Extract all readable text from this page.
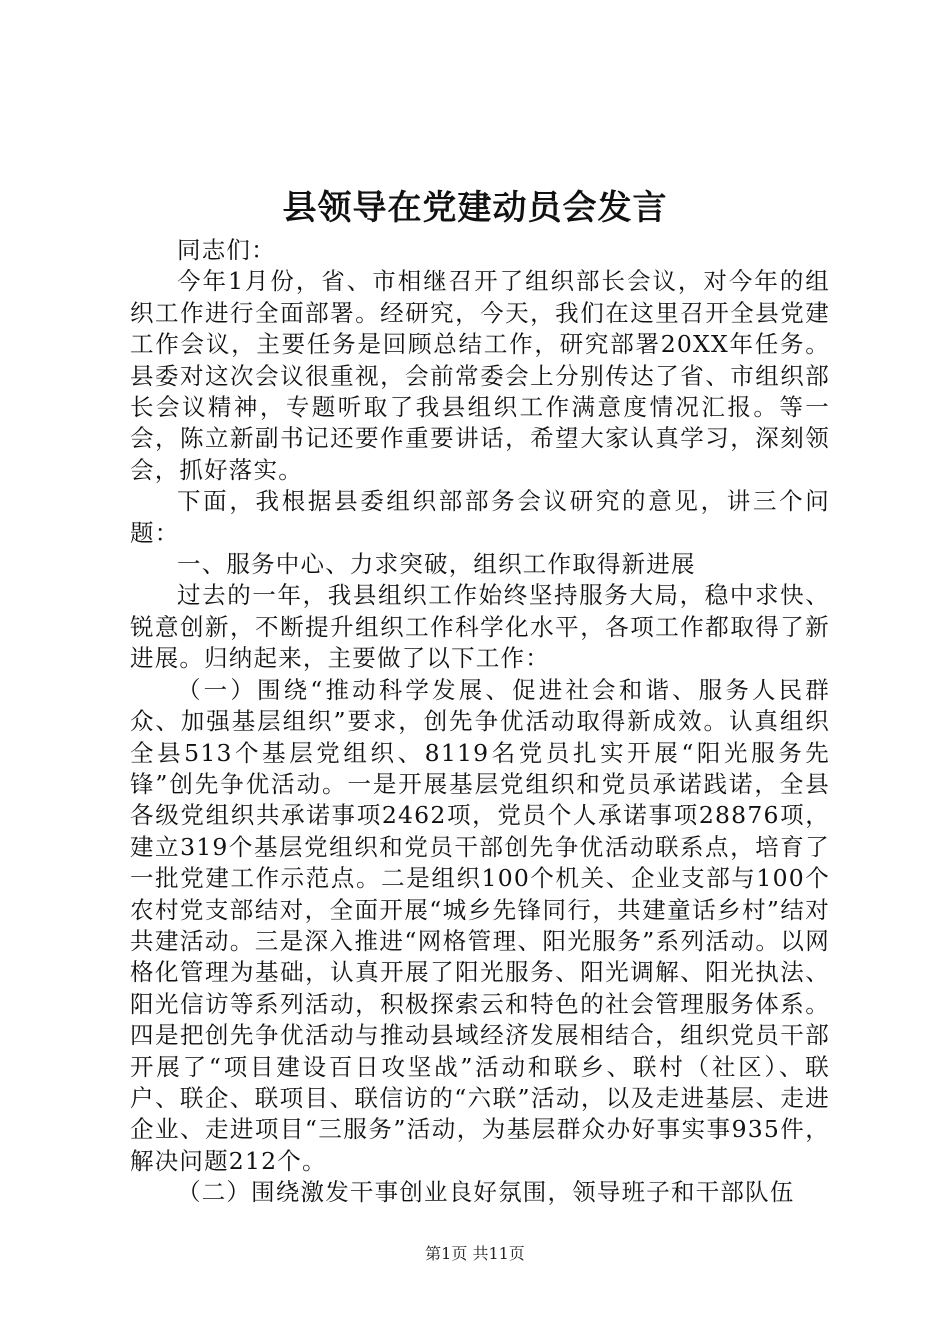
县领导在党建动员会发言

同志们：

今年1月份，省、市相继召开了组织部长会议，对今年的组织工作进行全面部署。经研究，今天，我们在这里召开全县党建工作会议，主要任务是回顾总结工作，研究部署20XX年任务。县委对这次会议很重视，会前常委会上分别传达了省、市组织部长会议精神，专题听取了我县组织工作满意度情况汇报。等一会，陈立新副书记还要作重要讲话，希望大家认真学习，深刻领会，抓好落实。

下面，我根据县委组织部部务会议研究的意见，讲三个问题：

一、服务中心、力求突破，组织工作取得新进展

过去的一年，我县组织工作始终坚持服务大局，稳中求快、锐意创新，不断提升组织工作科学化水平，各项工作都取得了新进展。归纳起来，主要做了以下工作：

（一）围绕“推动科学发展、促进社会和谐、服务人民群众、加强基层组织”要求，创先争优活动取得新成效。认真组织全县513个基层党组织、8119名党员扎实开展“阳光服务先锋”创先争优活动。一是开展基层党组织和党员承诺践诺，全县各级党组织共承诺事项2462项，党员个人承诺事项28876项，建立319个基层党组织和党员干部创先争优活动联系点，培育了一批党建工作示范点。二是组织100个机关、企业支部与100个农村党支部结对，全面开展“城乡先锋同行，共建童话乡村”结对共建活动。三是深入推进“网格管理、阳光服务”系列活动。以网格化管理为基础，认真开展了阳光服务、阳光调解、阳光执法、阳光信访等系列活动，积极探索云和特色的社会管理服务体系。四是把创先争优活动与推动县域经济发展相结合，组织党员干部开展了“项目建设百日攻坚战”活动和联乡、联村（社区）、联户、联企、联项目、联信访的“六联”活动，以及走进基层、走进企业、走进项目“三服务”活动，为基层群众办好事实事935件，解决问题212个。

（二）围绕激发干事创业良好氛围，领导班子和干部队伍

第1页 共11页
